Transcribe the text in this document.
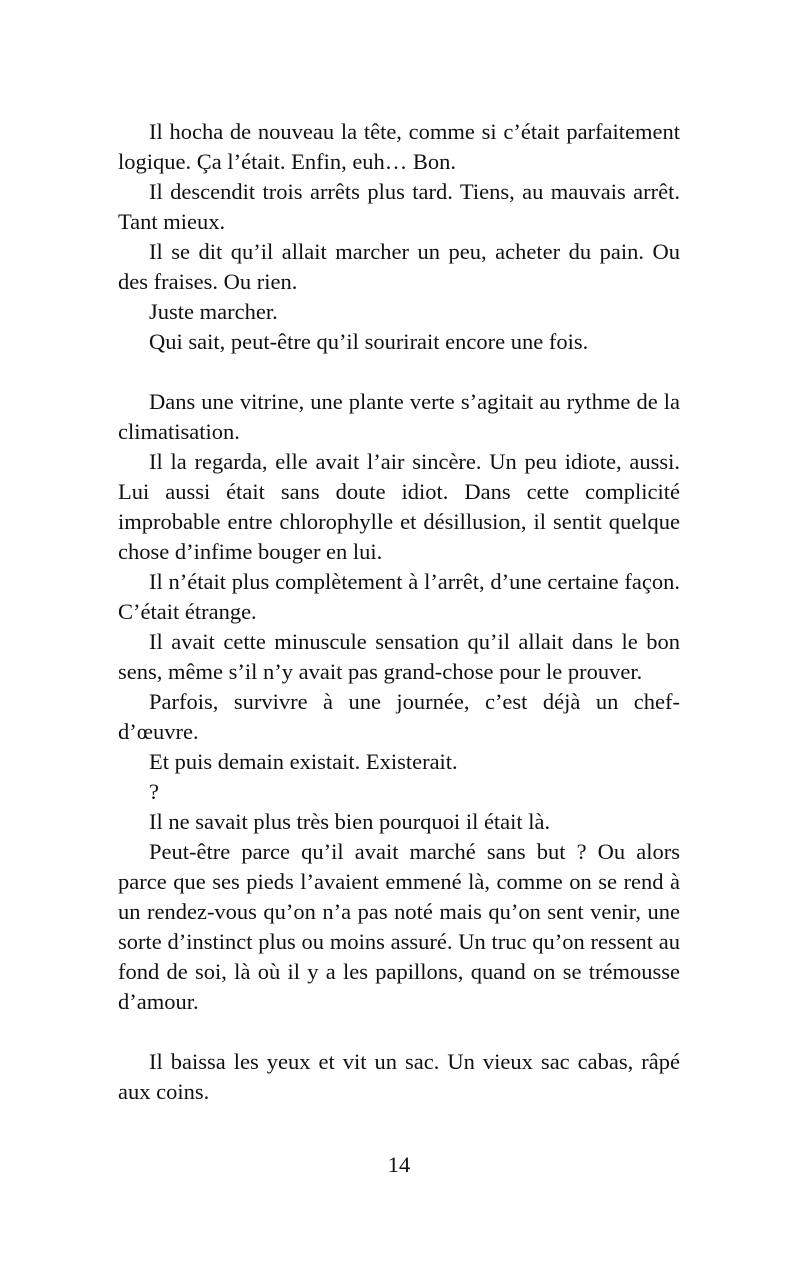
Il hocha de nouveau la tête, comme si c’était parfaitement logique. Ça l’était. Enfin, euh… Bon.

Il descendit trois arrêts plus tard. Tiens, au mauvais arrêt. Tant mieux.

Il se dit qu’il allait marcher un peu, acheter du pain. Ou des fraises. Ou rien.

Juste marcher.

Qui sait, peut-être qu’il sourirait encore une fois.

Dans une vitrine, une plante verte s’agitait au rythme de la climatisation.

Il la regarda, elle avait l’air sincère. Un peu idiote, aussi. Lui aussi était sans doute idiot. Dans cette complicité improbable entre chlorophylle et désillusion, il sentit quelque chose d’infime bouger en lui.

Il n’était plus complètement à l’arrêt, d’une certaine façon. C’était étrange.

Il avait cette minuscule sensation qu’il allait dans le bon sens, même s’il n’y avait pas grand-chose pour le prouver.

Parfois, survivre à une journée, c’est déjà un chef-d’œuvre.

Et puis demain existait. Existerait.

?

Il ne savait plus très bien pourquoi il était là.

Peut-être parce qu’il avait marché sans but ? Ou alors parce que ses pieds l’avaient emmené là, comme on se rend à un rendez-vous qu’on n’a pas noté mais qu’on sent venir, une sorte d’instinct plus ou moins assuré. Un truc qu’on ressent au fond de soi, là où il y a les papillons, quand on se trémousse d’amour.

Il baissa les yeux et vit un sac. Un vieux sac cabas, râpé aux coins.

14
